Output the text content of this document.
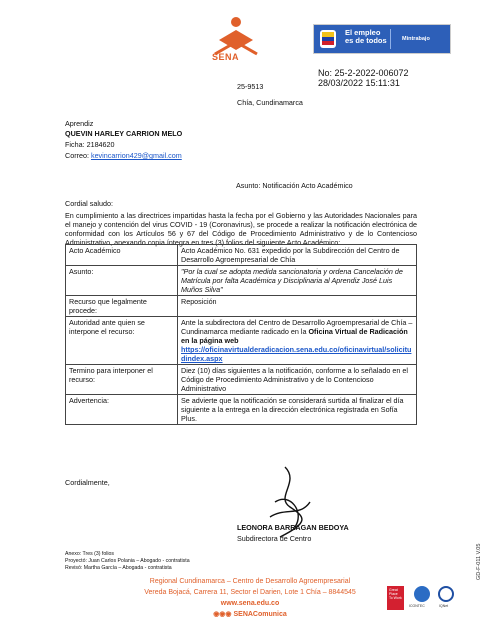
SENA
El empleo
es de todos	Mintrabajo
No: 25-2-2022-006072
28/03/2022 15:11:31
25-9513
Chía, Cundinamarca
Aprendiz
QUEVIN HARLEY CARRION MELO
Ficha: 2184620
Correo: kevincarrion429@gmail.com
Asunto: Notificación Acto Académico
Cordial saludo:
En cumplimiento a las directrices impartidas hasta la fecha por el Gobierno y las Autoridades Nacionales para el manejo y contención del virus COVID - 19 (Coronavirus), se procede a realizar la notificación electrónica de conformidad con los Artículos 56 y 67 del Código de Procedimiento Administrativo y de lo Contencioso Administrativo, anexando copia íntegra en tres (3) folios del siguiente Acto Académico:
Acto Académico	Acto Académico No. 631 expedido por la Subdirección del Centro de Desarrollo Agroempresarial de Chía
Asunto:	"Por la cual se adopta medida sancionatoria y ordena Cancelación de Matrícula por falta Académica y Disciplinaria al Aprendiz José Luis Muños Silva"
Recurso que legalmente procede:	Reposición
Autoridad ante quien se interpone el recurso:	Ante la subdirectora del Centro de Desarrollo Agroempresarial de Chía – Cundinamarca mediante radicado en la Oficina Virtual de Radicación en la página web
https://oficinavirtualderadicacion.sena.edu.co/oficinavirtual/solicitudindex.aspx
Termino para interponer el recurso:	Diez (10) días siguientes a la notificación, conforme a lo señalado en el Código de Procedimiento Administrativo y de lo Contencioso Administrativo
Advertencia:	Se advierte que la notificación se considerará surtida al finalizar el día siguiente a la entrega en la dirección electrónica registrada en Sofía Plus.
Cordialmente,
LEONORA BARRAGAN BEDOYA
Subdirectora de Centro
Anexo: Tres (3) folios
Proyectó: Juan Carlos Polania – Abogado - contratista
Revisó: Martha García – Abogada - contratista
Regional Cundinamarca – Centro de Desarrollo Agroempresarial
Vereda Bojacá, Carrera 11, Sector el Darien, Lote 1 Chía – 8844545
www.sena.edu.co
◉◉◉ SENAComunica
Great Place To Work
ICONTEC	IQNet
GD-F-011 V.05
